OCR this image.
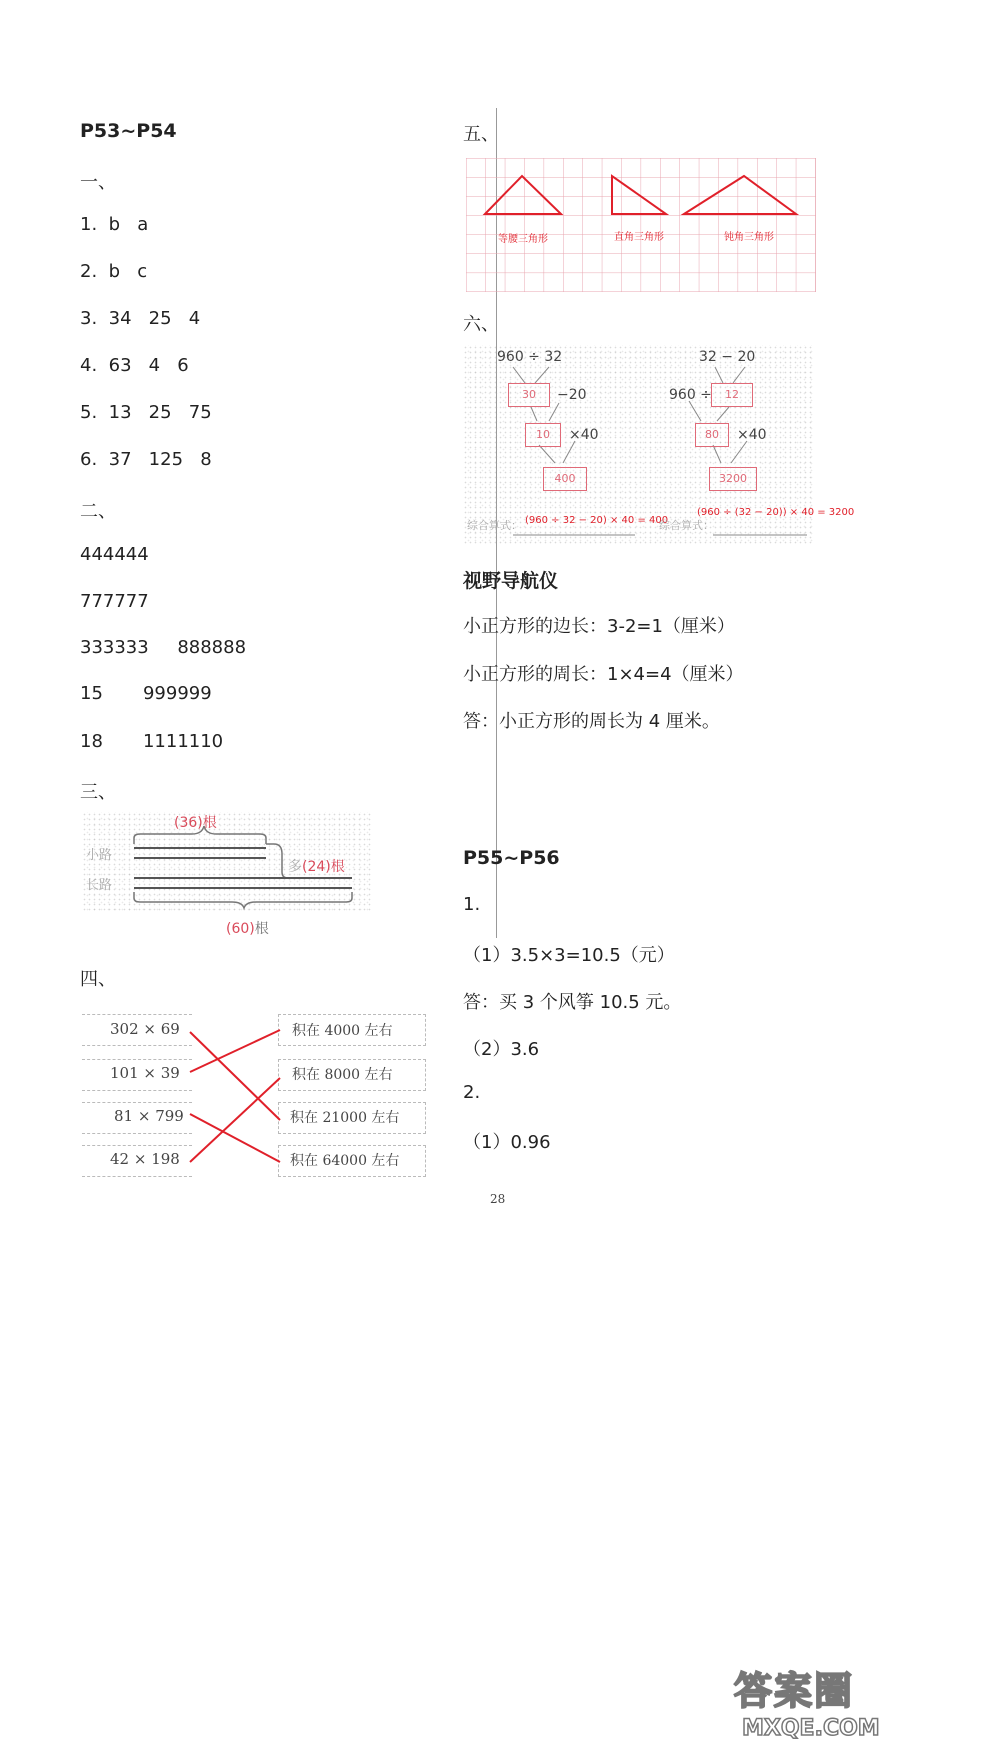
P53~P54
一、
1.  b   a
2.  b   c
3.  34   25   4
4.  63   4   6
5.  13   25   75
6.  37   125   8
二、
444444
777777
333333     888888
15       999999
18       1111110
三、
(36)根
小路
长路
多(24)根
(60)根
四、
302 × 69
101 × 39
81 × 799
42 × 198
积在 4000 左右
积在 8000 左右
积在 21000 左右
积在 64000 左右
五、
等腰三角形	直角三角形	钝角三角形
六、
960 ÷ 32
30	−20
10	×40
400
综合算式： (960 ÷ 32 − 20) × 40 = 400
32 − 20
960 ÷	12
80	×40
3200
综合算式：
(960 ÷ (32 − 20)) × 40 = 3200
视野导航仪
小正方形的边长：3-2=1（厘米）
小正方形的周长：1×4=4（厘米）
答：小正方形的周长为 4 厘米。
P55~P56
1.
（1）3.5×3=10.5（元）
答：买 3 个风筝 10.5 元。
（2）3.6
2.
（1）0.96
28
答案圈
MXQE.COM
